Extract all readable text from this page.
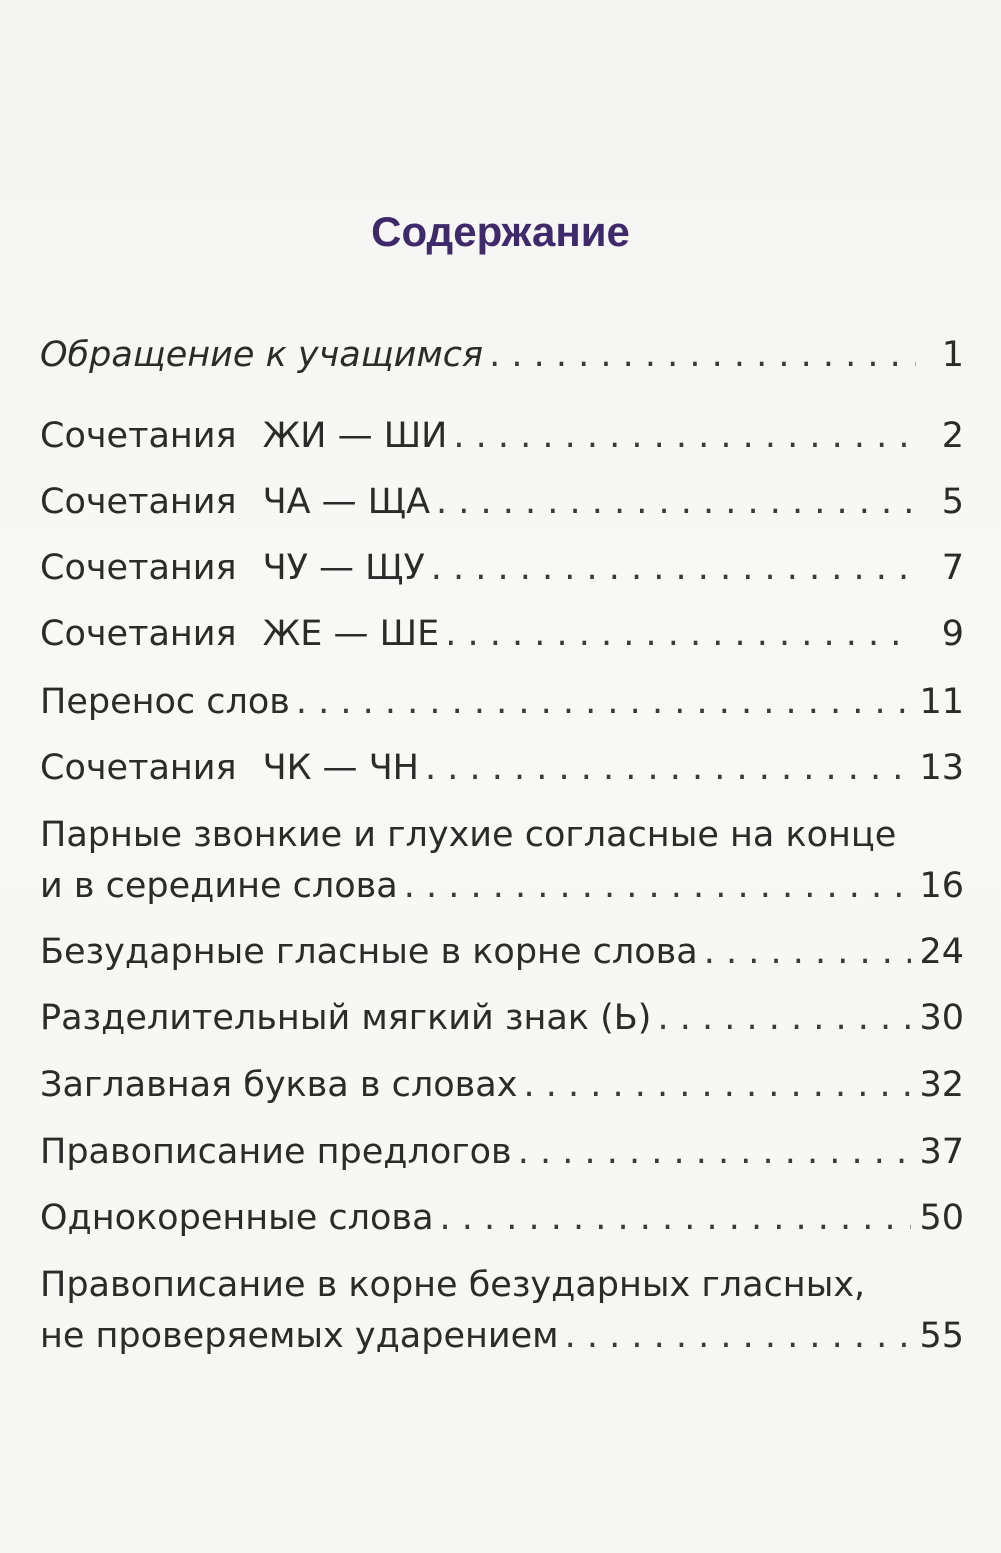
Содержание
Обращение к учащимся . . .	1
Сочетания ЖИ — ШИ . . .	2
Сочетания ЧА — ЩА . . .	5
Сочетания ЧУ — ЩУ . . .	7
Сочетания ЖЕ — ШЕ . . .	9
Перенос слов . . .	11
Сочетания ЧК — ЧН . . .	13
Парные звонкие и глухие согласные на конце
и в середине слова . . .	16
Безударные гласные в корне слова . . .	24
Разделительный мягкий знак (Ь) . . .	30
Заглавная буква в словах . . .	32
Правописание предлогов . . .	37
Однокоренные слова . . .	50
Правописание в корне безударных гласных,
не проверяемых ударением . . .	55
